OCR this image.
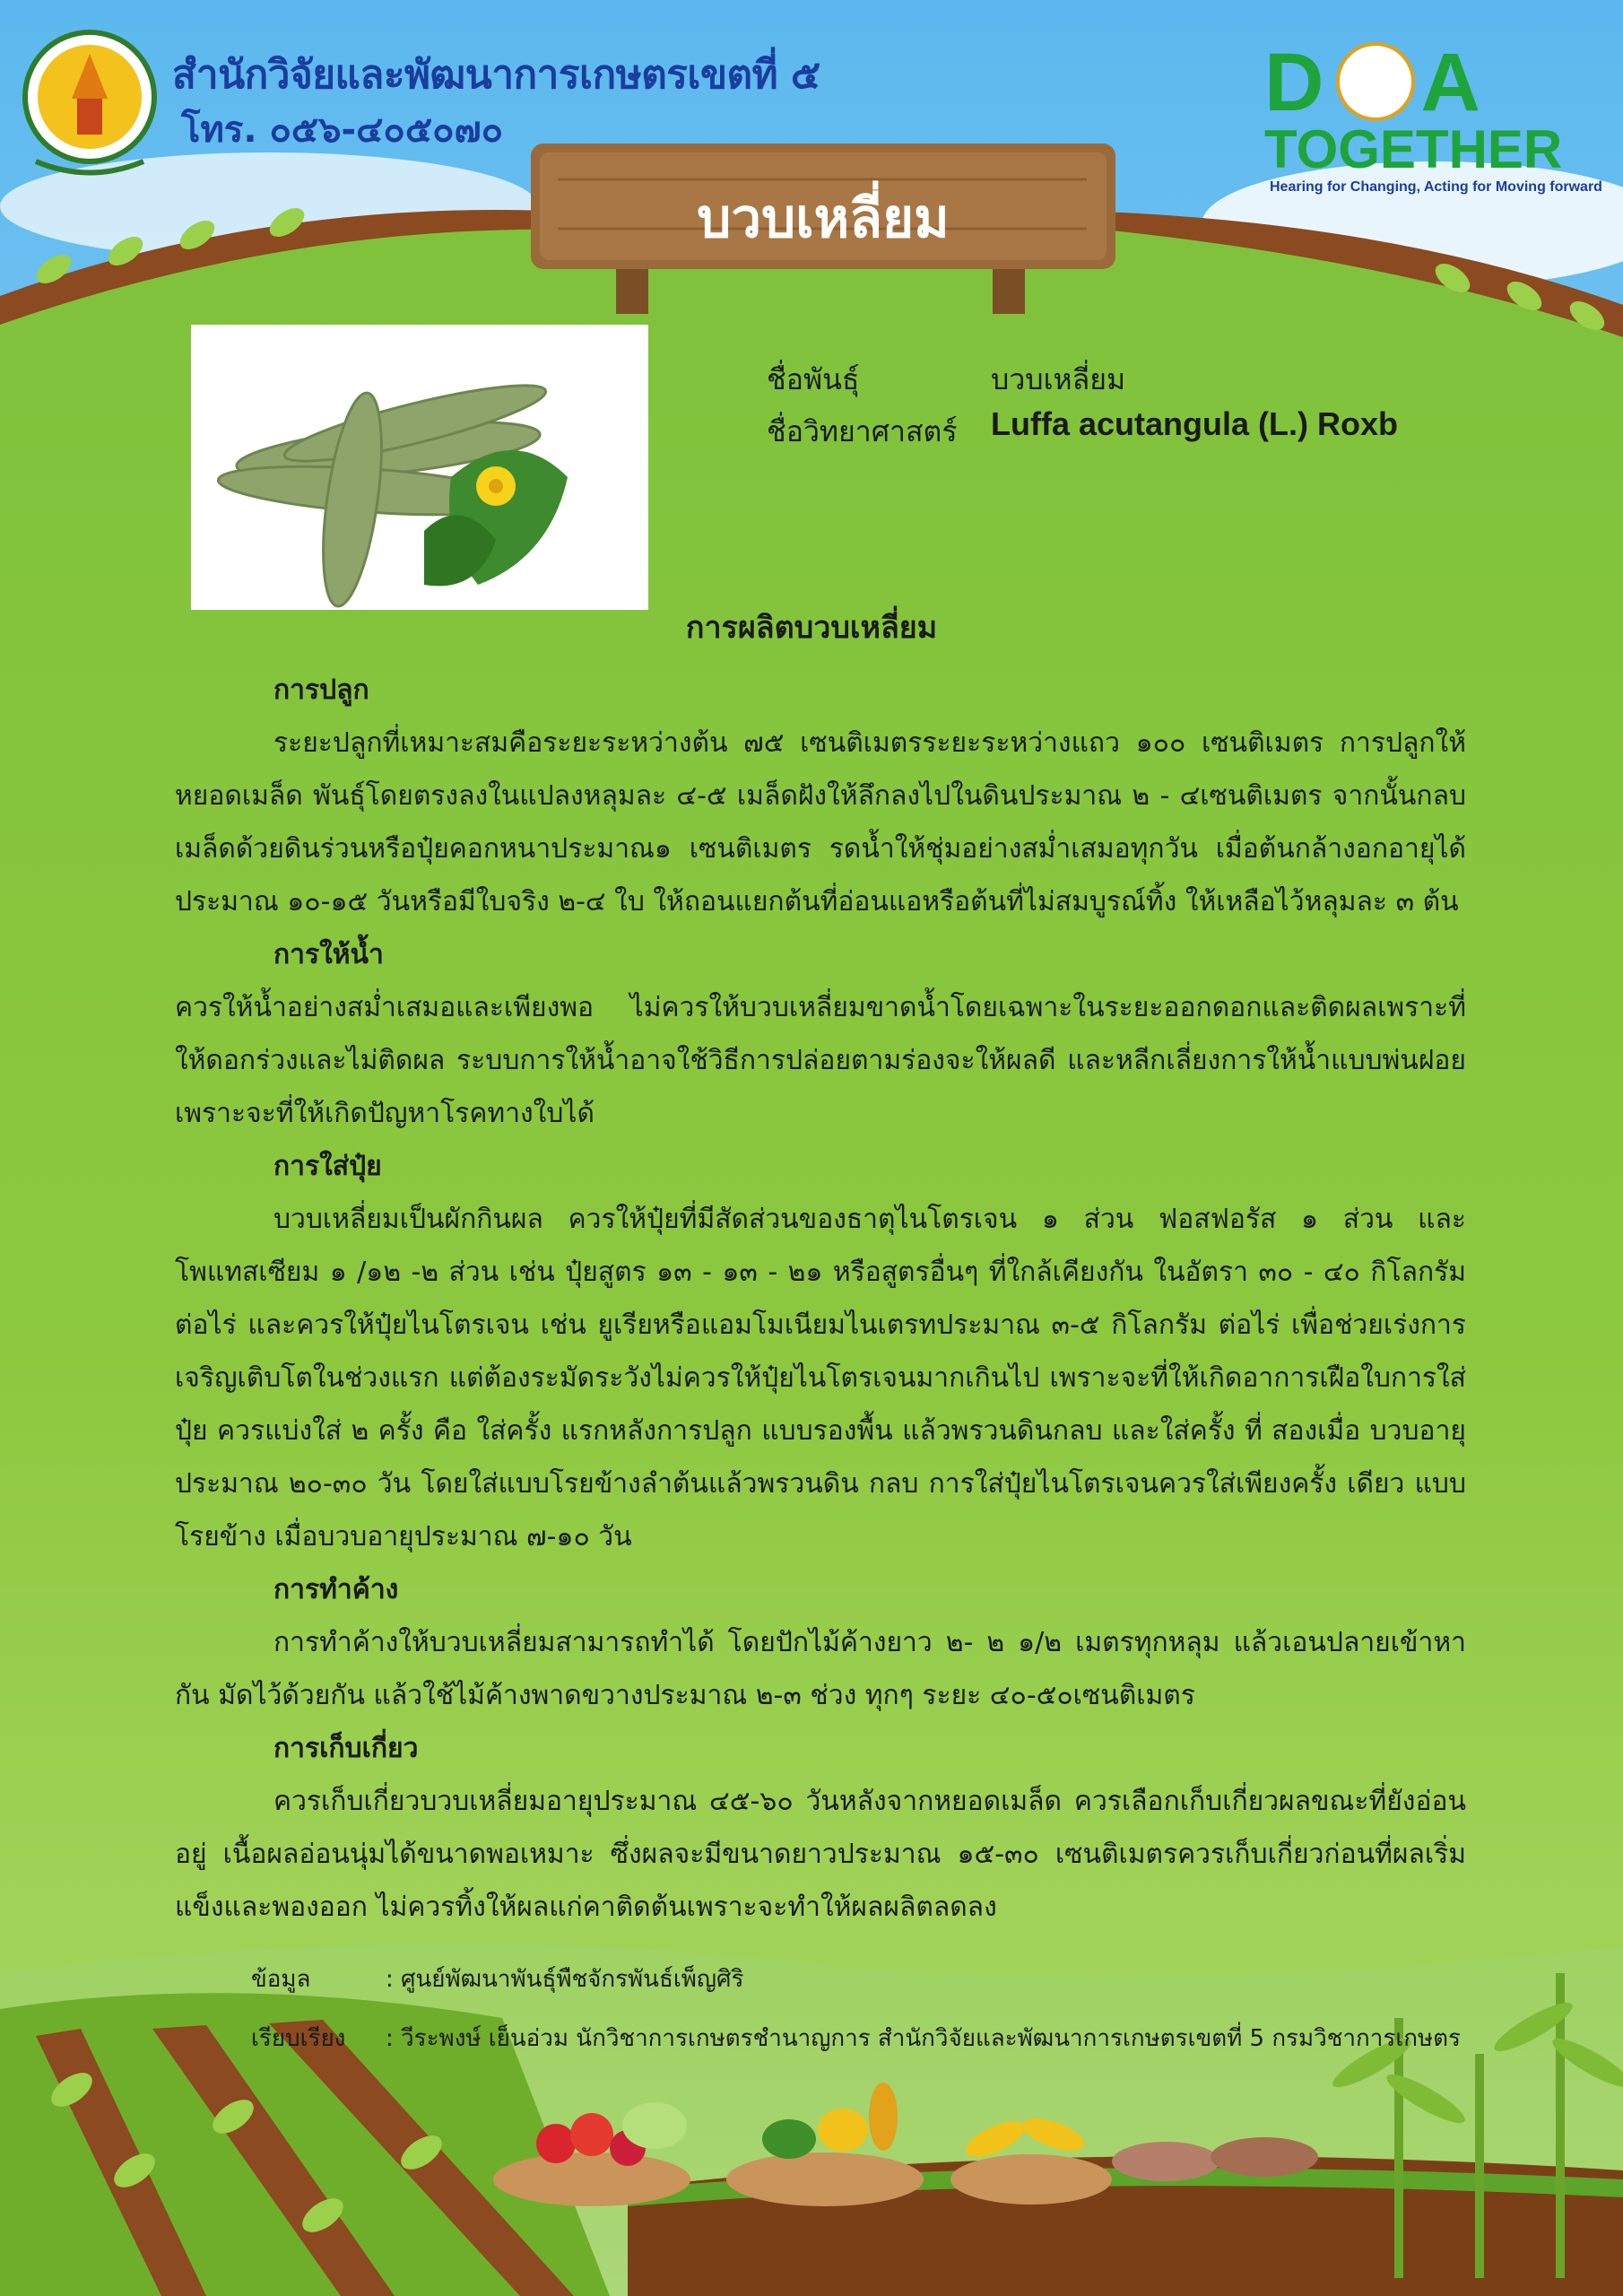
สำนักวิจัยและพัฒนาการเกษตรเขตที่ ๕
โทร. ๐๕๖-๔๐๕๐๗๐
D A
TOGETHER
Hearing for Changing, Acting for Moving forward
บวบเหลี่ยม
ชื่อพันธุ์	บวบเหลี่ยม
ชื่อวิทยาศาสตร์ Luffa acutangula (L.) Roxb
การผลิตบวบเหลี่ยม
การปลูก

ระยะปลูกที่เหมาะสมคือระยะระหว่างต้น ๗๕ เซนติเมตรระยะระหว่างแถว ๑๐๐ เซนติเมตร การปลูกให้หยอดเมล็ด พันธุ์โดยตรงลงในแปลงหลุมละ ๔-๕ เมล็ดฝังให้ลึกลงไปในดินประมาณ ๒ - ๔เซนติเมตร จากนั้นกลบเมล็ดด้วยดินร่วนหรือปุ๋ยคอกหนาประมาณ๑ เซนติเมตร รดน้ำให้ชุ่มอย่างสม่ำเสมอทุกวัน เมื่อต้นกล้างอกอายุได้ประมาณ ๑๐-๑๕ วันหรือมีใบจริง ๒-๔ ใบ ให้ถอนแยกต้นที่อ่อนแอหรือต้นที่ไม่สมบูรณ์ทิ้ง ให้เหลือไว้หลุมละ ๓ ต้น

การให้น้ำ

ควรให้น้ำอย่างสม่ำเสมอและเพียงพอ ไม่ควรให้บวบเหลี่ยมขาดน้ำโดยเฉพาะในระยะออกดอกและติดผลเพราะที่ให้ดอกร่วงและไม่ติดผล ระบบการให้น้ำอาจใช้วิธีการปล่อยตามร่องจะให้ผลดี และหลีกเลี่ยงการให้น้ำแบบพ่นฝอยเพราะจะที่ให้เกิดปัญหาโรคทางใบได้

การใส่ปุ๋ย

บวบเหลี่ยมเป็นผักกินผล ควรให้ปุ๋ยที่มีสัดส่วนของธาตุไนโตรเจน ๑ ส่วน ฟอสฟอรัส ๑ ส่วน และโพแทสเซียม ๑ /๑๒ -๒ ส่วน เช่น ปุ๋ยสูตร ๑๓ - ๑๓ - ๒๑ หรือสูตรอื่นๆ ที่ใกล้เคียงกัน ในอัตรา ๓๐ - ๔๐ กิโลกรัมต่อไร่ และควรให้ปุ๋ยไนโตรเจน เช่น ยูเรียหรือแอมโมเนียมไนเตรทประมาณ ๓-๕ กิโลกรัม ต่อไร่ เพื่อช่วยเร่งการเจริญเติบโตในช่วงแรก แต่ต้องระมัดระวังไม่ควรให้ปุ๋ยไนโตรเจนมากเกินไป เพราะจะที่ให้เกิดอาการเฝือใบการใส่ปุ๋ย ควรแบ่งใส่ ๒ ครั้ง คือ ใส่ครั้ง แรกหลังการปลูก แบบรองพื้น แล้วพรวนดินกลบ และใส่ครั้ง ที่ สองเมื่อ บวบอายุประมาณ ๒๐-๓๐ วัน โดยใส่แบบโรยข้างลำต้นแล้วพรวนดิน กลบ การใส่ปุ๋ยไนโตรเจนควรใส่เพียงครั้ง เดียว แบบโรยข้าง เมื่อบวบอายุประมาณ ๗-๑๐ วัน

การทำค้าง

การทำค้างให้บวบเหลี่ยมสามารถทำได้ โดยปักไม้ค้างยาว ๒- ๒ ๑/๒ เมตรทุกหลุม แล้วเอนปลายเข้าหากัน มัดไว้ด้วยกัน แล้วใช้ไม้ค้างพาดขวางประมาณ ๒-๓ ช่วง ทุกๆ ระยะ ๔๐-๕๐เซนติเมตร

การเก็บเกี่ยว

ควรเก็บเกี่ยวบวบเหลี่ยมอายุประมาณ ๔๕-๖๐ วันหลังจากหยอดเมล็ด ควรเลือกเก็บเกี่ยวผลขณะที่ยังอ่อนอยู่ เนื้อผลอ่อนนุ่มได้ขนาดพอเหมาะ ซึ่งผลจะมีขนาดยาวประมาณ ๑๕-๓๐ เซนติเมตรควรเก็บเกี่ยวก่อนที่ผลเริ่มแข็งและพองออก ไม่ควรทิ้งให้ผลแก่คาติดต้นเพราะจะทำให้ผลผลิตลดลง

ข้อมูล	: ศูนย์พัฒนาพันธุ์พืชจักรพันธ์เพ็ญศิริ
เรียบเรียง : วีระพงษ์ เย็นอ่วม นักวิชาการเกษตรชำนาญการ สำนักวิจัยและพัฒนาการเกษตรเขตที่ 5 กรมวิชาการเกษตร
